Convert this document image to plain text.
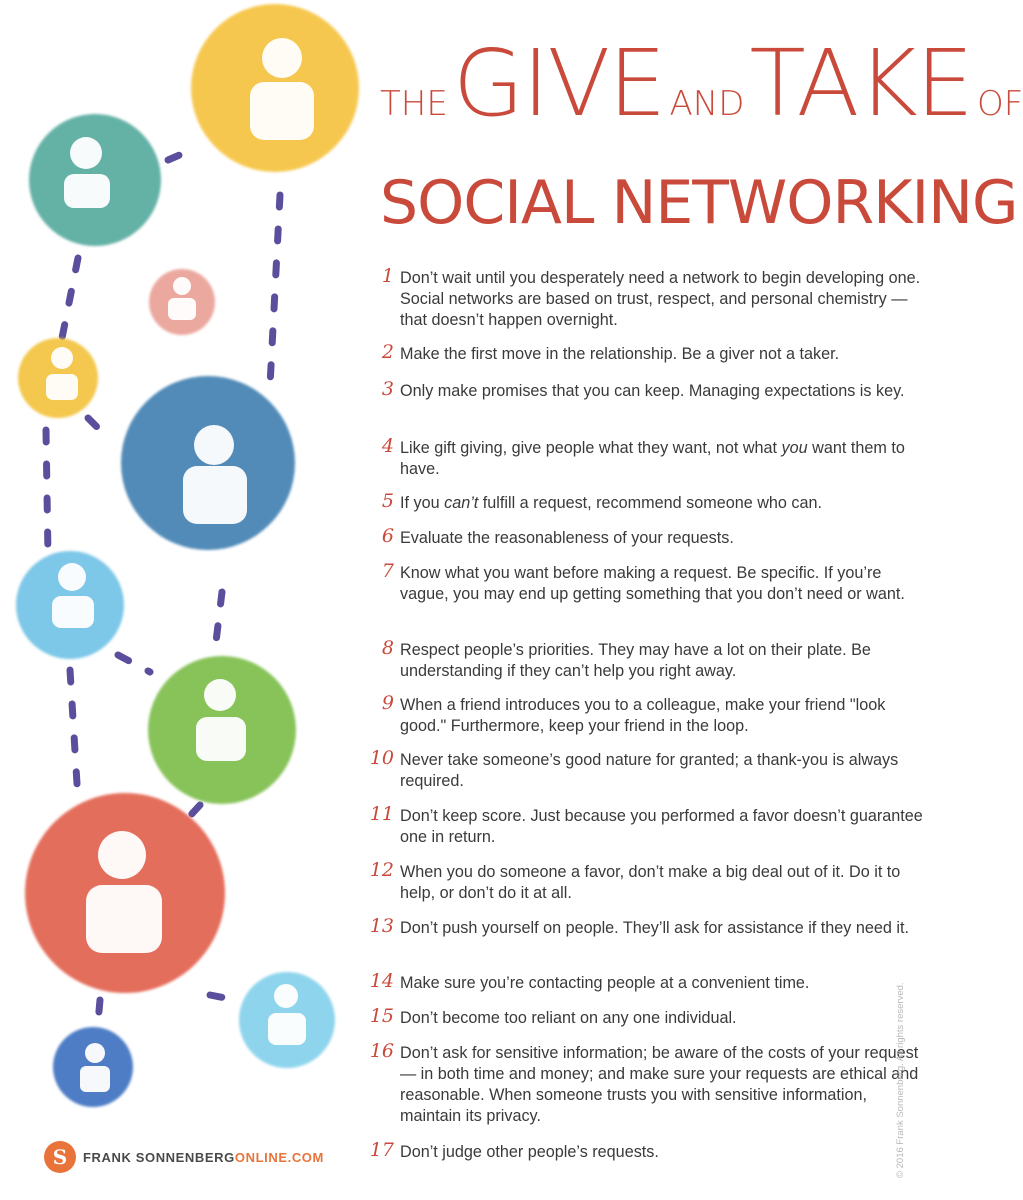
THE GIVE AND TAKE OF
SOCIAL NETWORKING
1 Don’t wait until you desperately need a network to begin developing one. Social networks are based on trust, respect, and personal chemistry — that doesn’t happen overnight.
2 Make the first move in the relationship. Be a giver not a taker.
3 Only make promises that you can keep. Managing expectations is key.
4 Like gift giving, give people what they want, not what you want them to have.
5 If you can’t fulfill a request, recommend someone who can.
6 Evaluate the reasonableness of your requests.
7 Know what you want before making a request. Be specific. If you’re vague, you may end up getting something that you don’t need or want.
8 Respect people’s priorities. They may have a lot on their plate. Be understanding if they can’t help you right away.
9 When a friend introduces you to a colleague, make your friend "look good." Furthermore, keep your friend in the loop.
10 Never take someone’s good nature for granted; a thank-you is always required.
11 Don’t keep score. Just because you performed a favor doesn’t guarantee one in return.
12 When you do someone a favor, don’t make a big deal out of it. Do it to help, or don’t do it at all.
13 Don’t push yourself on people. They’ll ask for assistance if they need it.
14 Make sure you’re contacting people at a convenient time.
15 Don’t become too reliant on any one individual.
16 Don’t ask for sensitive information; be aware of the costs of your request — in both time and money; and make sure your requests are ethical and reasonable. When someone trusts you with sensitive information, maintain its privacy.
17 Don’t judge other people’s requests.
S	FRANK SONNENBERGONLINE.COM	© 2016 Frank Sonnenberg. All rights reserved.
